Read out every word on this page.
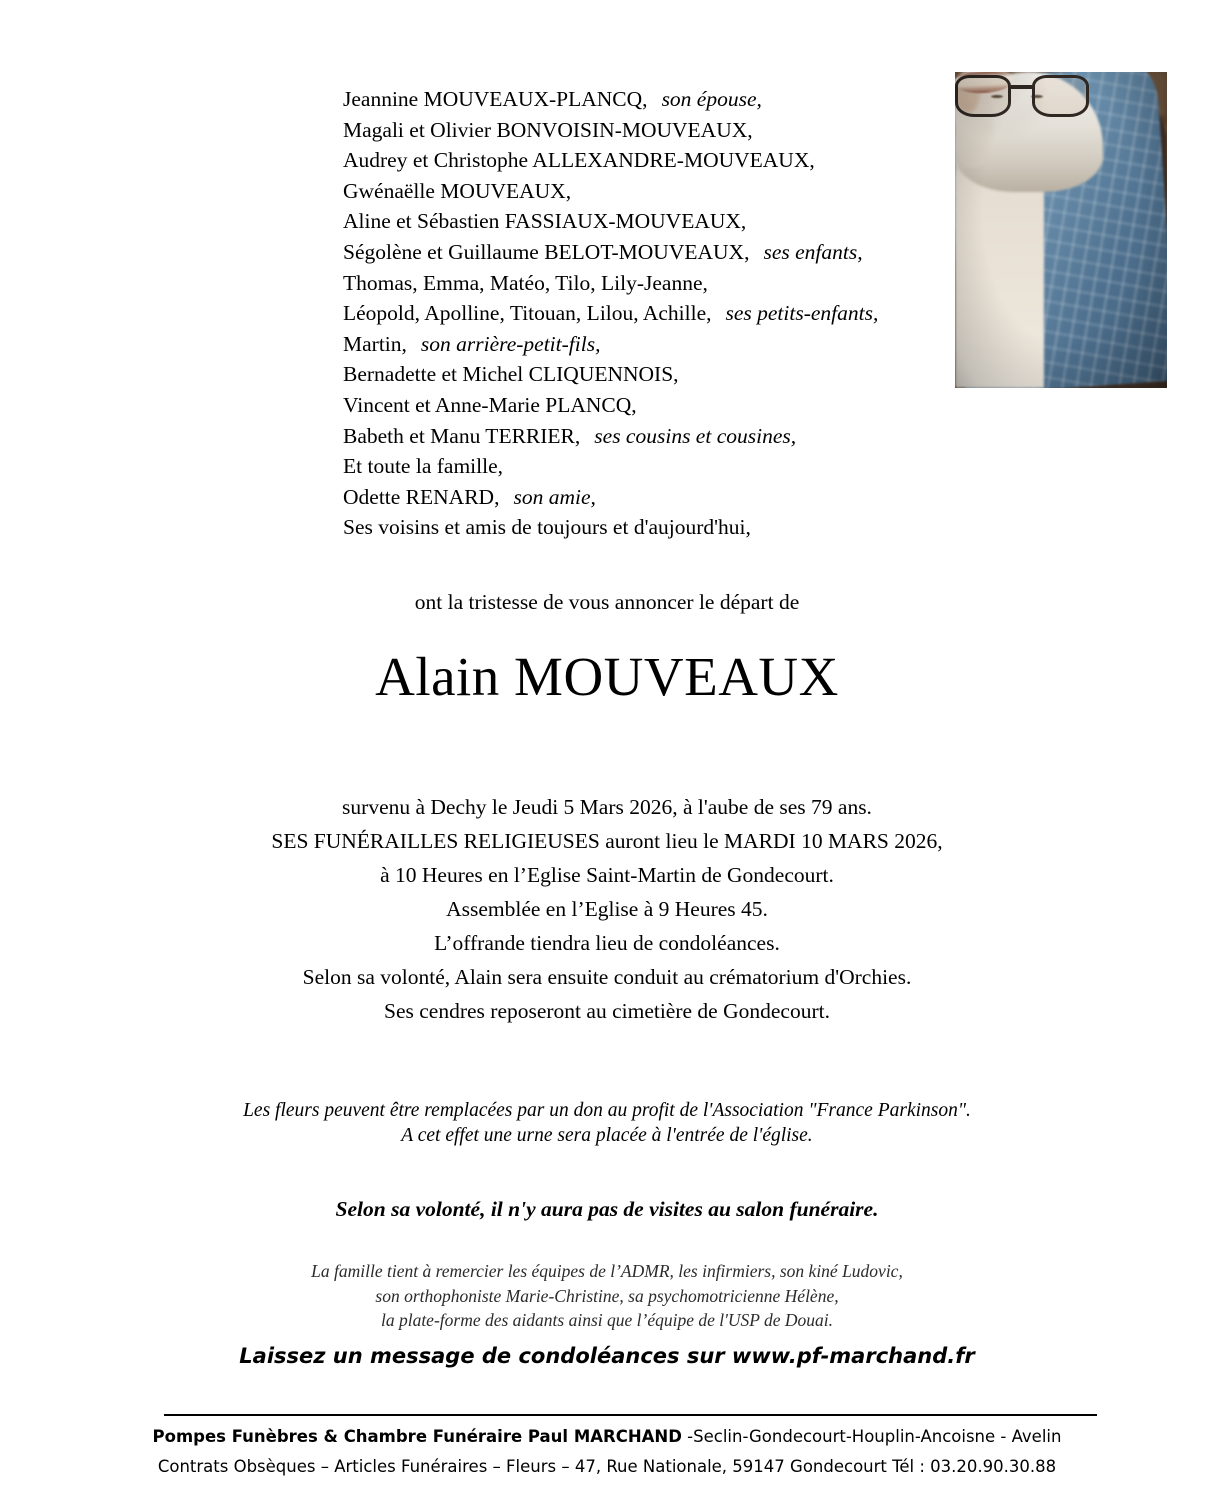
Jeannine MOUVEAUX-PLANCQ, son épouse,
Magali et Olivier BONVOISIN-MOUVEAUX,
Audrey et Christophe ALLEXANDRE-MOUVEAUX,
Gwénaëlle MOUVEAUX,
Aline et Sébastien FASSIAUX-MOUVEAUX,
Ségolène et Guillaume BELOT-MOUVEAUX, ses enfants,
Thomas, Emma, Matéo, Tilo, Lily-Jeanne,
Léopold, Apolline, Titouan, Lilou, Achille, ses petits-enfants,
Martin, son arrière-petit-fils,
Bernadette et Michel CLIQUENNOIS,
Vincent et Anne-Marie PLANCQ,
Babeth et Manu TERRIER, ses cousins et cousines,
Et toute la famille,
Odette RENARD, son amie,
Ses voisins et amis de toujours et d'aujourd'hui,
ont la tristesse de vous annoncer le départ de
Alain MOUVEAUX
survenu à Dechy le Jeudi 5 Mars 2026, à l'aube de ses 79 ans.
SES FUNÉRAILLES RELIGIEUSES auront lieu le MARDI 10 MARS 2026,
à 10 Heures en l’Eglise Saint-Martin de Gondecourt.
Assemblée en l’Eglise à 9 Heures 45.
L’offrande tiendra lieu de condoléances.
Selon sa volonté, Alain sera ensuite conduit au crématorium d'Orchies.
Ses cendres reposeront au cimetière de Gondecourt.
Les fleurs peuvent être remplacées par un don au profit de l'Association "France Parkinson".
A cet effet une urne sera placée à l'entrée de l'église.
Selon sa volonté, il n'y aura pas de visites au salon funéraire.
La famille tient à remercier les équipes de l’ADMR, les infirmiers, son kiné Ludovic,
son orthophoniste Marie-Christine, sa psychomotricienne Hélène,
la plate-forme des aidants ainsi que l’équipe de l'USP de Douai.
Laissez un message de condoléances sur www.pf-marchand.fr
Pompes Funèbres & Chambre Funéraire Paul MARCHAND -Seclin-Gondecourt-Houplin-Ancoisne - Avelin
Contrats Obsèques – Articles Funéraires – Fleurs – 47, Rue Nationale, 59147 Gondecourt Tél : 03.20.90.30.88
